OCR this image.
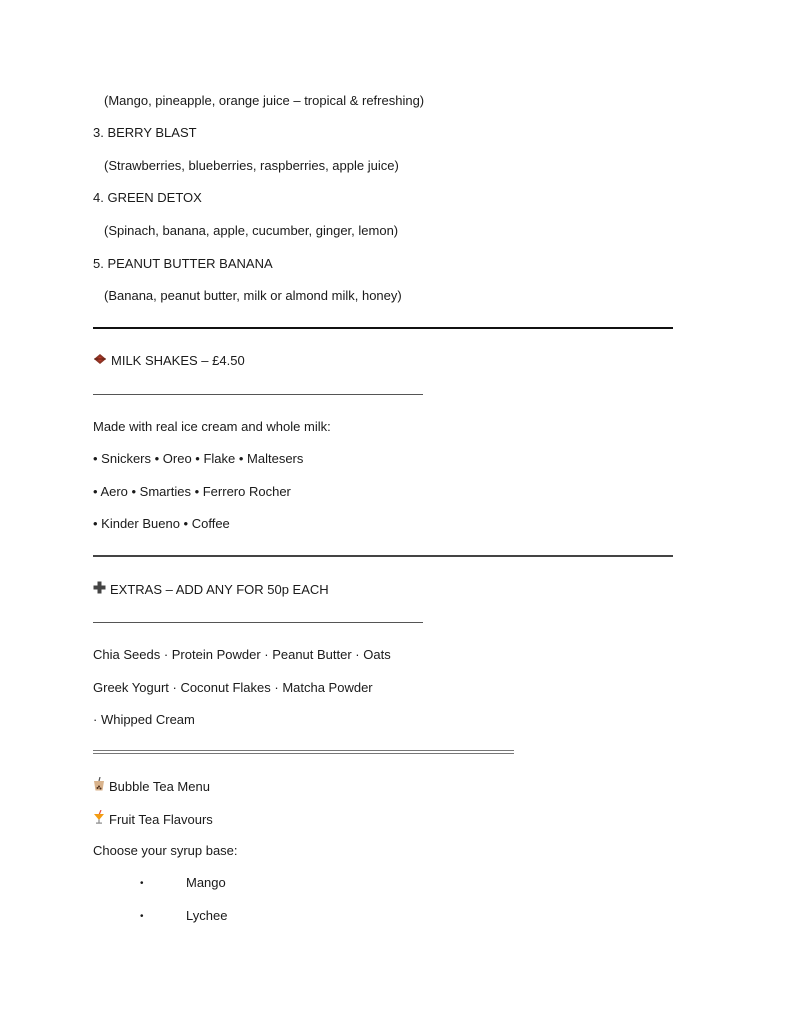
(Mango, pineapple, orange juice – tropical & refreshing)
3. BERRY BLAST
(Strawberries, blueberries, raspberries, apple juice)
4. GREEN DETOX
(Spinach, banana, apple, cucumber, ginger, lemon)
5. PEANUT BUTTER BANANA
(Banana, peanut butter, milk or almond milk, honey)
MILK SHAKES – £4.50
Made with real ice cream and whole milk:
• Snickers • Oreo • Flake • Maltesers
• Aero • Smarties • Ferrero Rocher
• Kinder Bueno • Coffee
EXTRAS – ADD ANY FOR 50p EACH
Chia Seeds · Protein Powder · Peanut Butter · Oats
Greek Yogurt · Coconut Flakes · Matcha Powder
· Whipped Cream
Bubble Tea Menu
Fruit Tea Flavours
Choose your syrup base:
•	Mango
•	Lychee
